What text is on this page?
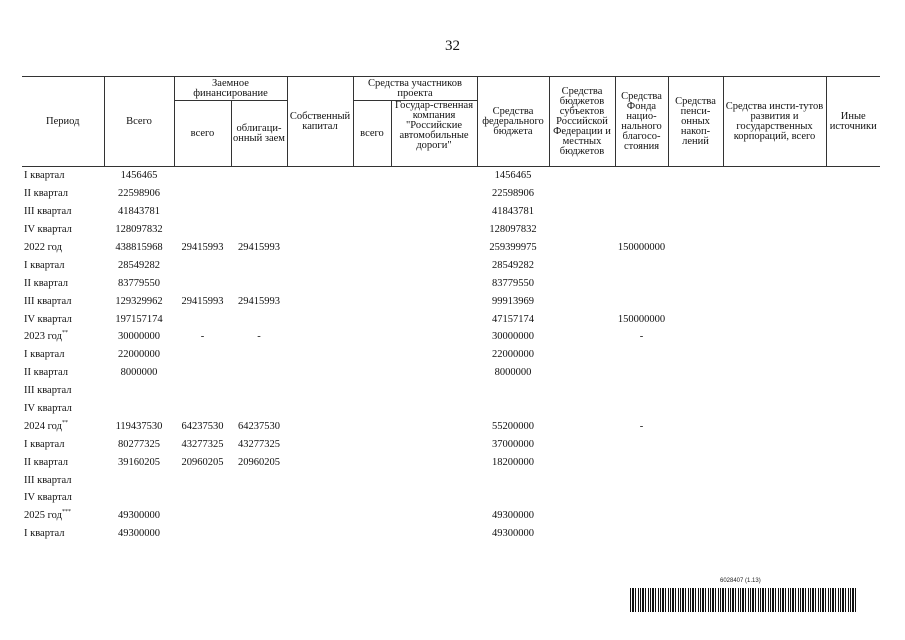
32
Период	Всего	Заемное финансирование		Собственный капитал	Средства участников проекта		Средства федерального бюджета	Средства бюджетов субъектов Российской Федерации и местных бюджетов	Средства Фонда нацио-нального благосо-стояния	Средства пенси-онных накоп-лений	Средства инсти-тутов развития и государственных корпораций, всего	Иные источники
		всего	облигаци-онный заем		всего	Государ-ственная компания "Российские автомобильные дороги"						
I квартал	1456465						1456465					
II квартал	22598906						22598906					
III квартал	41843781						41843781					
IV квартал	128097832						128097832					
2022 год	438815968	29415993	29415993				259399975		150000000			
I квартал	28549282						28549282					
II квартал	83779550						83779550					
III квартал	129329962	29415993	29415993				99913969					
IV квартал	197157174						47157174		150000000			
2023 год**	30000000	-	-				30000000		-			
I квартал	22000000						22000000					
II квартал	8000000						8000000					
III квартал												
IV квартал												
2024 год**	119437530	64237530	64237530				55200000		-			
I квартал	80277325	43277325	43277325				37000000					
II квартал	39160205	20960205	20960205				18200000					
III квартал												
IV квартал												
2025 год***	49300000						49300000					
I квартал	49300000						49300000					
6028407 (1.13)
